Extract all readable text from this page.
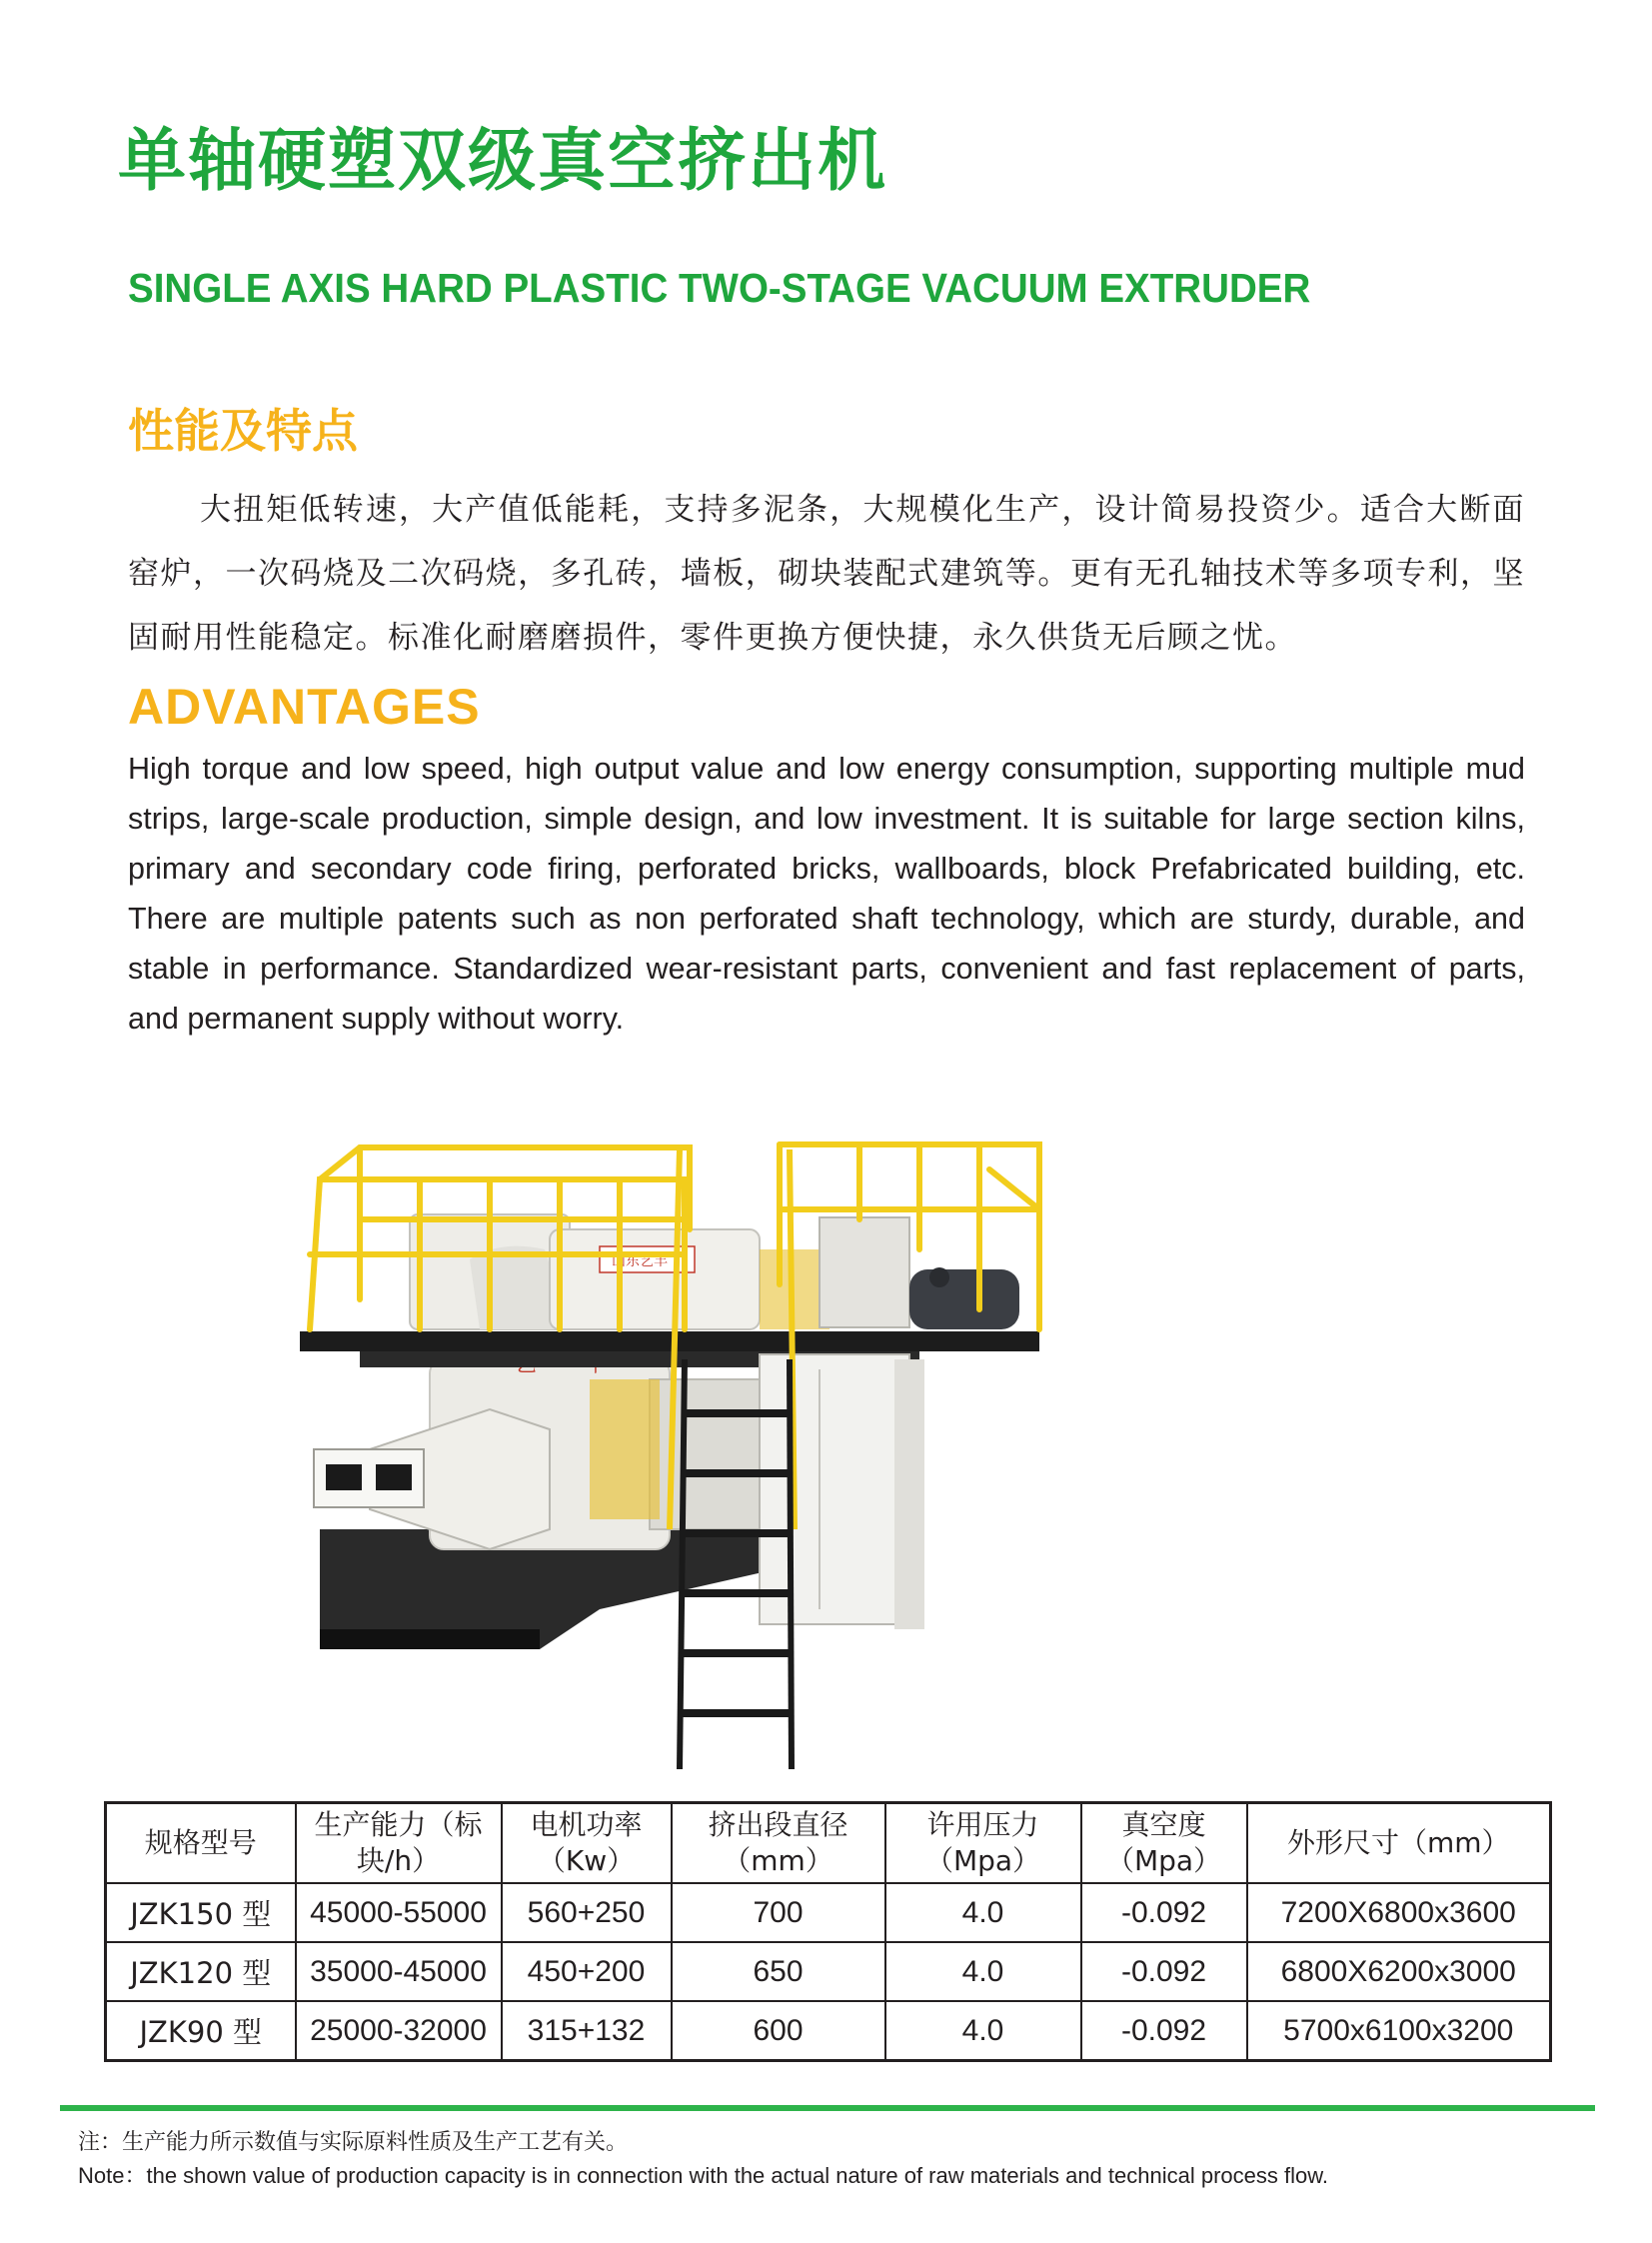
单轴硬塑双级真空挤出机
SINGLE AXIS HARD PLASTIC TWO-STAGE VACUUM EXTRUDER
性能及特点

大扭矩低转速，大产值低能耗，支持多泥条，大规模化生产，设计简易投资少。适合大断面窑炉，一次码烧及二次码烧，多孔砖，墙板，砌块装配式建筑等。更有无孔轴技术等多项专利，坚固耐用性能稳定。标准化耐磨磨损件，零件更换方便快捷，永久供货无后顾之忧。

ADVANTAGES

High torque and low speed, high output value and low energy consumption, supporting multiple mud strips, large-scale production, simple design, and low investment. It is suitable for large section kilns, primary and secondary code firing, perforated bricks, wallboards, block Prefabricated building, etc. There are multiple patents such as non perforated shaft technology, which are sturdy, durable, and stable in performance. Standardized wear-resistant parts, convenient and fast replacement of parts, and permanent supply without worry.

山东艺丰
规格型号	生产能力（标块/h）	电机功率（Kw）	挤出段直径（mm）	许用压力（Mpa）	真空度（Mpa）	外形尺寸（mm）
JZK150 型	45000-55000	560+250	700	4.0	-0.092	7200X6800x3600
JZK120 型	35000-45000	450+200	650	4.0	-0.092	6800X6200x3000
JZK90 型	25000-32000	315+132	600	4.0	-0.092	5700x6100x3200
注：生产能力所示数值与实际原料性质及生产工艺有关。
Note：the shown value of production capacity is in connection with the actual nature of raw materials and technical process flow.
